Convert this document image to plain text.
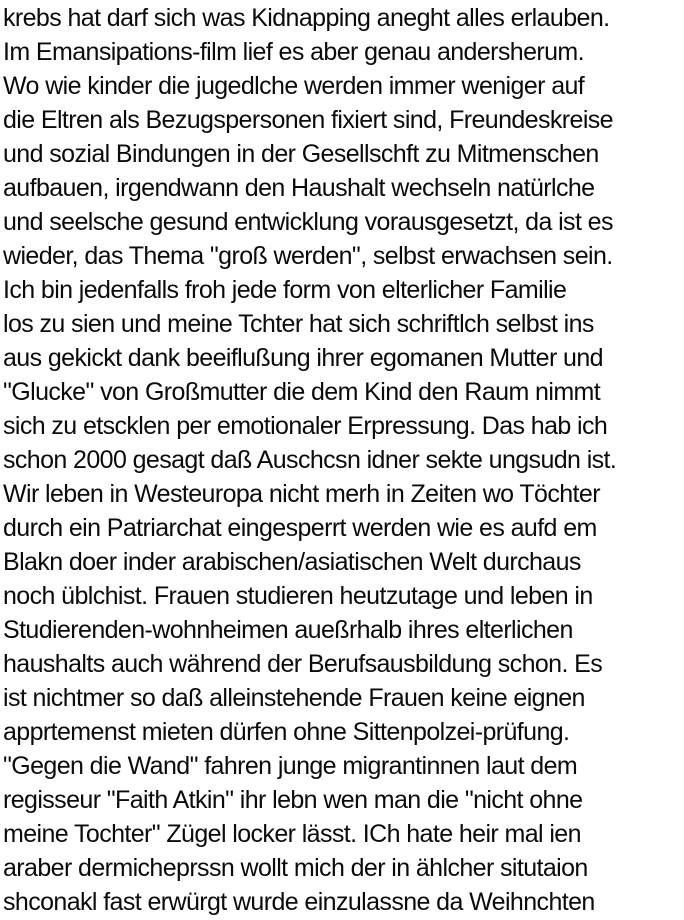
krebs hat darf sich was Kidnapping aneght alles erlauben.
Im Emansipations-film lief es aber genau andersherum.
Wo wie kinder die jugedlche werden immer weniger auf
die Eltren als Bezugspersonen fixiert sind, Freundeskreise
und sozial Bindungen in der Gesellschft zu Mitmenschen
aufbauen, irgendwann den Haushalt wechseln natürlche
und seelsche gesund entwicklung vorausgesetzt, da ist es
wieder, das Thema "groß werden", selbst erwachsen sein.
Ich bin jedenfalls froh jede form von elterlicher Familie
los zu sien und meine Tchter hat sich schriftlch selbst ins
aus gekickt dank beeiflußung ihrer egomanen Mutter und
"Glucke" von Großmutter die dem Kind den Raum nimmt
sich zu etscklen per emotionaler Erpressung. Das hab ich
schon 2000 gesagt daß Auschcsn idner sekte ungsudn ist.
Wir leben in Westeuropa nicht merh in Zeiten wo Töchter
durch ein Patriarchat eingesperrt werden wie es aufd em
Blakn doer inder arabischen/asiatischen Welt durchaus
noch üblchist. Frauen studieren heutzutage und leben in
Studierenden-wohnheimen aueßrhalb ihres elterlichen
haushalts auch während der Berufsausbildung schon. Es
ist nichtmer so daß alleinstehende Frauen keine eignen
apprtemenst mieten dürfen ohne Sittenpolzei-prüfung.
"Gegen die Wand" fahren junge migrantinnen laut dem
regisseur "Faith Atkin" ihr lebn wen man die "nicht ohne
meine Tochter" Zügel locker lässt. ICh hate heir mal ien
araber dermicheprssn wollt mich der in ählcher situtaion
shconakl fast erwürgt wurde einzulassne da Weihnchten
